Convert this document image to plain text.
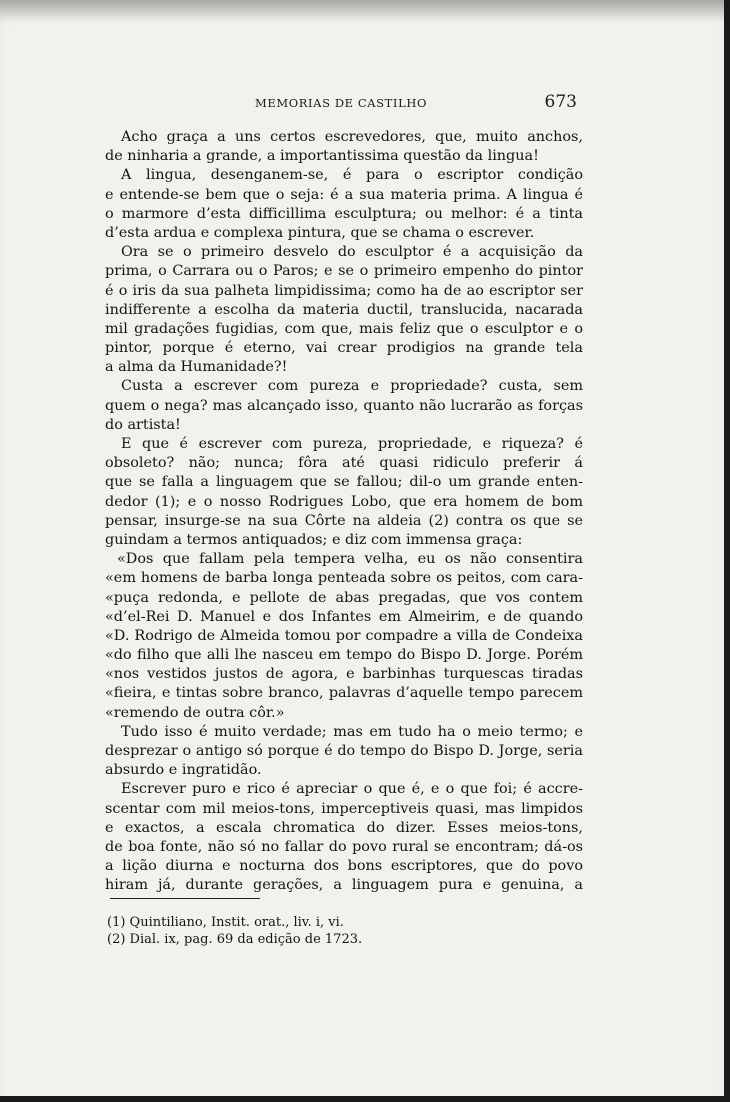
MEMORIAS DE CASTILHO	673
Acho graça a uns certos escrevedores, que, muito anchos,
de ninharia a grande, a importantissima questão da lingua!
A lingua, desenganem-se, é para o escriptor condição
e entende-se bem que o seja: é a sua materia prima. A lingua é
o marmore d’esta difficillima esculptura; ou melhor: é a tinta
d’esta ardua e complexa pintura, que se chama o escrever.
Ora se o primeiro desvelo do esculptor é a acquisição da
prima, o Carrara ou o Paros; e se o primeiro empenho do pintor
é o iris da sua palheta limpidissima; como ha de ao escriptor ser
indifferente a escolha da materia ductil, translucida, nacarada
mil gradações fugidias, com que, mais feliz que o esculptor e o
pintor, porque é eterno, vai crear prodigios na grande tela
a alma da Humanidade?!
Custa a escrever com pureza e propriedade? custa, sem
quem o nega? mas alcançado isso, quanto não lucrarão as forças
do artista!
E que é escrever com pureza, propriedade, e riqueza? é
obsoleto? não; nunca; fôra até quasi ridiculo preferir á
que se falla a linguagem que se fallou; dil-o um grande enten-
dedor (1); e o nosso Rodrigues Lobo, que era homem de bom
pensar, insurge-se na sua Côrte na aldeia (2) contra os que se
guindam a termos antiquados; e diz com immensa graça:
«Dos que fallam pela tempera velha, eu os não consentira
«em homens de barba longa penteada sobre os peitos, com cara-
«puça redonda, e pellote de abas pregadas, que vos contem
«d’el-Rei D. Manuel e dos Infantes em Almeirim, e de quando
«D. Rodrigo de Almeida tomou por compadre a villa de Condeixa
«do filho que alli lhe nasceu em tempo do Bispo D. Jorge. Porém
«nos vestidos justos de agora, e barbinhas turquescas tiradas
«fieira, e tintas sobre branco, palavras d’aquelle tempo parecem
«remendo de outra côr.»
Tudo isso é muito verdade; mas em tudo ha o meio termo; e
desprezar o antigo só porque é do tempo do Bispo D. Jorge, seria
absurdo e ingratidão.
Escrever puro e rico é apreciar o que é, e o que foi; é accre-
scentar com mil meios-tons, imperceptiveis quasi, mas limpidos
e exactos, a escala chromatica do dizer. Esses meios-tons,
de boa fonte, não só no fallar do povo rural se encontram; dá-os
a lição diurna e nocturna dos bons escriptores, que do povo
hiram já, durante gerações, a linguagem pura e genuina, a
(1) Quintiliano, Instit. orat., liv. i, vi.
(2) Dial. ix, pag. 69 da edição de 1723.
